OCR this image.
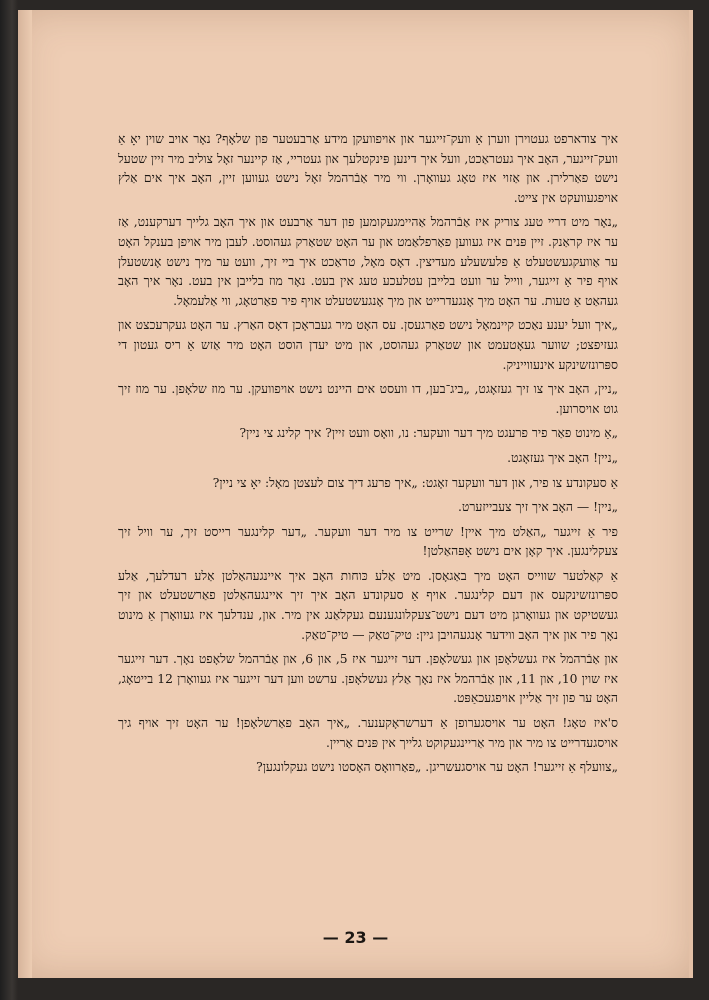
איך צודארפט געטוירן ווערן אַ וועק־זייגער און אויפוועקן מידע אַרבעטער פון שלאָף? נאָר אויב שוין יאָ אַ וועק־זייגער, האָב איך געטראַכט, וועל איך דינען פּינקטלעך און געטריי, אַז קיינער זאָל צוליב מיר זיין שטעל נישט פאַרלירן. און אַזוי איז טאָג געוואָרן. ווי מיר אַבֿרהמל זאָל נישט געווען זיין, האָב איך אים אַלץ אויפגעוועקט אין צייט.

„נאָר מיט דריי טעג צוריק איז אַבֿרהמל אַהיימגעקומען פון דער אַרבעט און איך האָב גלייך דערקענט, אַז ער איז קראַנק. זיין פּנים איז געווען פאַרפלאַמט און ער האָט שטאַרק געהוסט. לעבן מיר אויפן בענקל האָט ער אַוועקגעשטעלט אַ פלעשעלע מעדיצין. דאָס מאָל, טראַכט איך ביי זיך, וועט ער מיך נישט אָנשטעלן אויף פיר אַ זייגער, ווייל ער וועט בלייבן עטלעכע טעג אין בעט. נאָר מוז בלייבן אין בעט. נאָר איך האָב געהאַט אַ טעות. ער האָט מיך אָנגעדרייט און מיך אָנגעשטעלט אויף פיר פאַרטאָג, ווי אַלעמאָל.

„איך וועל יענע נאַכט קיינמאָל נישט פאַרגעסן. עס האָט מיר געבראָכן דאָס האַרץ. ער האָט געקרעכצט און געזיפצט; שווער געאָטעמט און שטאַרק געהוסט, און מיט יעדן הוסט האָט מיר אַזש אַ ריס געטון די ספּרונזשינקע אינעווייניק.

„ניין, האָב איך צו זיך געזאָגט, „ביג־בען, דו וועסט אים היינט נישט אויפוועקן. ער מוז שלאָפן. ער מוז זיך גוט אויסרוען.

„אַ מינוט פאַר פיר פרעגט מיך דער וועקער: נו, וואָס וועט זיין? איך קלינג צי ניין?

„ניין! האָב איך געזאָגט.

אַ סעקונדע צו פיר, און דער וועקער זאָגט: „איך פרעג דיך צום לעצטן מאָל: יאָ צי ניין?

„ניין! — האָב איך זיך צעבייזערט.

פיר אַ זייגער „האַלט מיך איין! שרייט צו מיר דער וועקער. „דער קלינגער רייסט זיך, ער וויל זיך צעקלינגען. איך קאָן אים נישט אָפּהאַלטן!

אַ קאַלטער שווייס האָט מיך באַגאָסן. מיט אַלע כּוחות האָב איך איינגעהאַלטן אַלע רעדלעך, אַלע ספּרונזשינקעס און דעם קלינגער. אויף אַ סעקונדע האָב איך זיך איינגעהאַלטן פאַרשטעלט און זיך געשטיקט און געוואָרגן מיט דעם נישט־צעקלונגענעם געקלאַנג אין מיר. און, ענדלעך איז געוואָרן אַ מינוט נאָך פיר און איך האָב ווידער אָנגעהויבן גיין: טיק־טאַק — טיק־טאַק.

און אַבֿרהמל איז געשלאָפן און געשלאָפן. דער זייגער איז 5, און 6, און אַבֿרהמל שלאָפט נאָך. דער זייגער איז שוין 10, און 11, און אַבֿרהמל איז נאָך אַלץ געשלאָפן. ערשט ווען דער זייגער איז געוואָרן 12 בייטאָג, האָט ער פון זיך אַליין אויפגעכאַפּט.

ס'איז טאָג! האָט ער אויסגערופן אַ דערשראָקענער. „איך האָב פאַרשלאָפן! ער האָט זיך אויף גיך אויסגעדרייט צו מיר און מיר אַריינגעקוקט גלייך אין פּנים אַריין.

„צוועלף אַ זייגער! האָט ער אויסגעשריגן. „פאַרוואָס האָסטו נישט געקלונגען?

— 23 —
